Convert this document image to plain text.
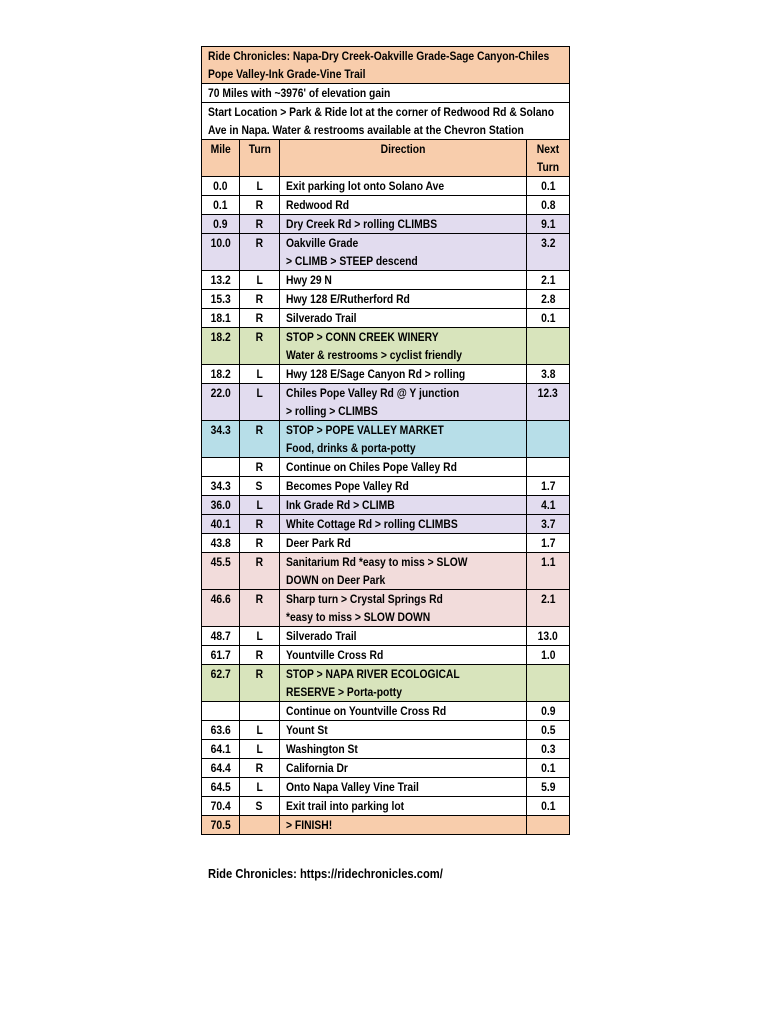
Ride Chronicles: Napa-Dry Creek-Oakville Grade-Sage Canyon-Chiles Pope Valley-Ink Grade-Vine Trail			
70 Miles with ~3976' of elevation gain			
Start Location > Park & Ride lot at the corner of Redwood Rd & Solano Ave in Napa. Water & restrooms available at the Chevron Station			
Mile	Turn	Direction	Next Turn
0.0	L	Exit parking lot onto Solano Ave	0.1
0.1	R	Redwood Rd	0.8
0.9	R	Dry Creek Rd > rolling CLIMBS	9.1
10.0	R	Oakville Grade
> CLIMB > STEEP descend	3.2
13.2	L	Hwy 29 N	2.1
15.3	R	Hwy 128 E/Rutherford Rd	2.8
18.1	R	Silverado Trail	0.1
18.2	R	STOP > CONN CREEK WINERY
Water & restrooms > cyclist friendly	
18.2	L	Hwy 128 E/Sage Canyon Rd > rolling	3.8
22.0	L	Chiles Pope Valley Rd @ Y junction
> rolling > CLIMBS	12.3
34.3	R	STOP > POPE VALLEY MARKET
Food, drinks & porta-potty	
	R	Continue on Chiles Pope Valley Rd	
34.3	S	Becomes Pope Valley Rd	1.7
36.0	L	Ink Grade Rd > CLIMB	4.1
40.1	R	White Cottage Rd > rolling CLIMBS	3.7
43.8	R	Deer Park Rd	1.7
45.5	R	Sanitarium Rd *easy to miss > SLOW
DOWN on Deer Park	1.1
46.6	R	Sharp turn > Crystal Springs Rd
*easy to miss > SLOW DOWN	2.1
48.7	L	Silverado Trail	13.0
61.7	R	Yountville Cross Rd	1.0
62.7	R	STOP > NAPA RIVER ECOLOGICAL
RESERVE > Porta-potty	
		Continue on Yountville Cross Rd	0.9
63.6	L	Yount St	0.5
64.1	L	Washington St	0.3
64.4	R	California Dr	0.1
64.5	L	Onto Napa Valley Vine Trail	5.9
70.4	S	Exit trail into parking lot	0.1
70.5		> FINISH!	
Ride Chronicles: https://ridechronicles.com/
